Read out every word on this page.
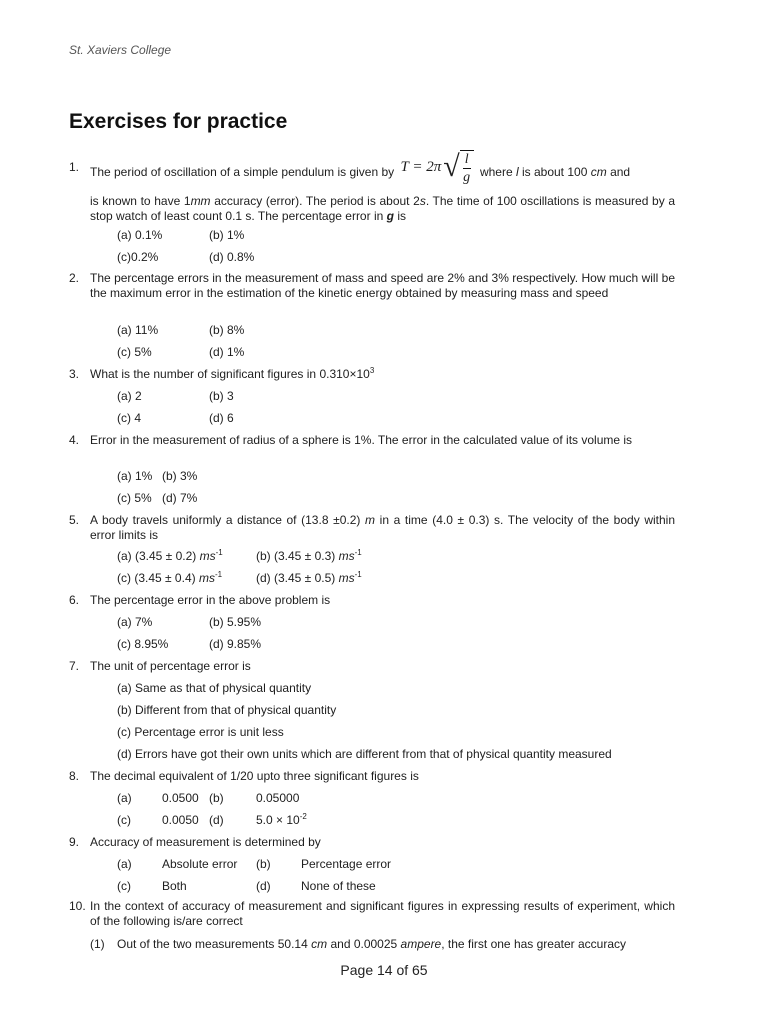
St. Xaviers College
Exercises for practice
1. The period of oscillation of a simple pendulum is given by T = 2π √ $\frac{l}{g}$ where l is about 100 cm and
is known to have 1mm accuracy (error). The period is about 2s. The time of 100 oscillations is measured by a stop watch of least count 0.1 s. The percentage error in g is
(a) 0.1%	(b) 1%
(c)0.2%	(d) 0.8%
2. The percentage errors in the measurement of mass and speed are 2% and 3% respectively. How much will be the maximum error in the estimation of the kinetic energy obtained by measuring mass and speed
(a) 11%	(b) 8%
(c) 5%	(d) 1%
3. What is the number of significant figures in $0.310\times 10^3$
(a) 2	(b) 3
(c) 4	(d) 6
4. Error in the measurement of radius of a sphere is 1%. The error in the calculated value of its volume is
(a) 1% (b) 3%
(c) 5% (d) 7%
5. A body travels uniformly a distance of (13.8 ±0.2) m in a time (4.0 ± 0.3) s. The velocity of the body within error limits is
(a) (3.45 ± 0.2) $ms^{-1}$	(b) (3.45 ± 0.3) $ms^{-1}$
(c) (3.45 ± 0.4) $ms^{-1}$	(d) (3.45 ± 0.5) $ms^{-1}$
6. The percentage error in the above problem is
(a) 7%	(b) 5.95%
(c) 8.95%	(d) 9.85%
7. The unit of percentage error is
(a) Same as that of physical quantity
(b) Different from that of physical quantity
(c) Percentage error is unit less
(d) Errors have got their own units which are different from that of physical quantity measured
8. The decimal equivalent of 1/20 upto three significant figures is
(a)	0.0500 (b)	0.05000
(c)	0.0050 (d)	$5.0 \times 10^{-2}$
9. Accuracy of measurement is determined by
(a)	Absolute error (b)	Percentage error
(c)	Both	(d)	None of these
10. In the context of accuracy of measurement and significant figures in expressing results of experiment, which of the following is/are correct
(1) Out of the two measurements 50.14 cm and 0.00025 ampere, the first one has greater accuracy
Page 14 of 65
